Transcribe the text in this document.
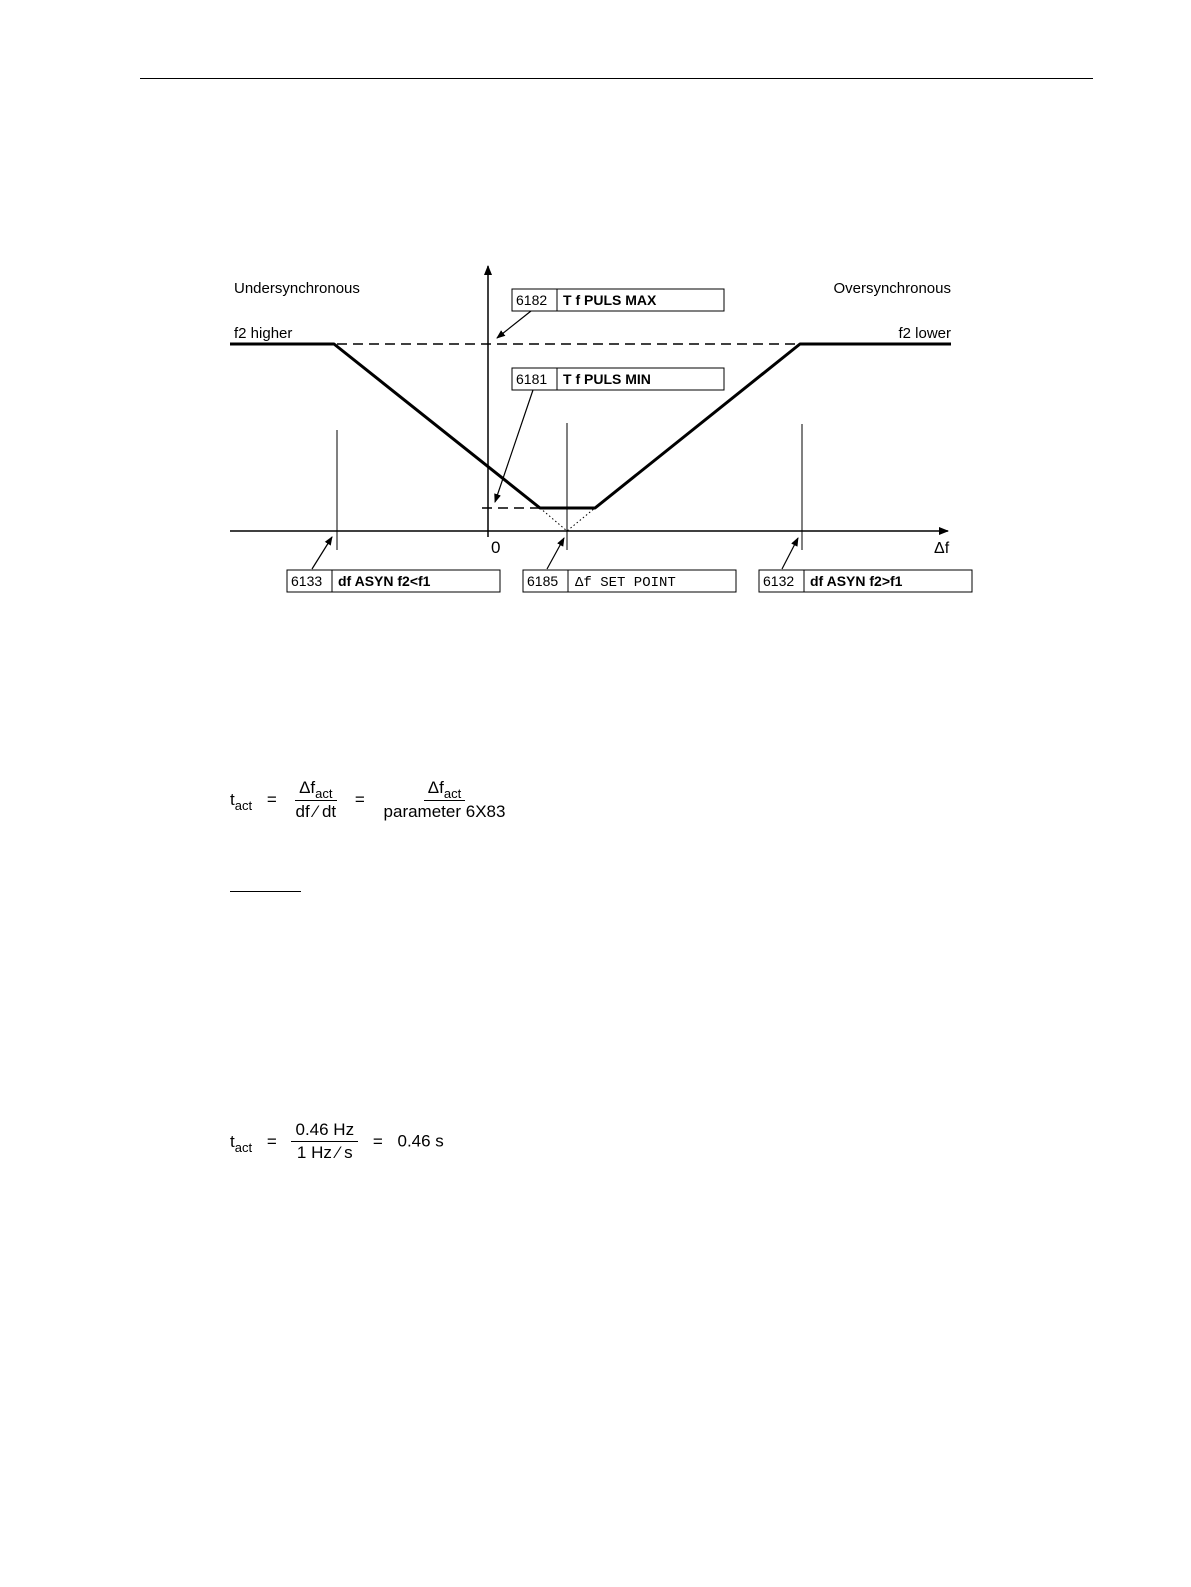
Undersynchronous	Oversynchronous
f2 higher	f2 lower
0	Δf
6182 T f PULS MAX
6181 T f PULS MIN
6133 df ASYN f2<f1	6185 Δf SET POINT	6132 df ASYN f2>f1
$t_{act} = \frac{\Delta f_{act}}{df ⁄ dt} = \frac{\Delta f_{act}}{\text{parameter 6X83}}$
$t_{act} = \frac{0.46 Hz}{1 Hz ⁄ s} = 0.46$ s
